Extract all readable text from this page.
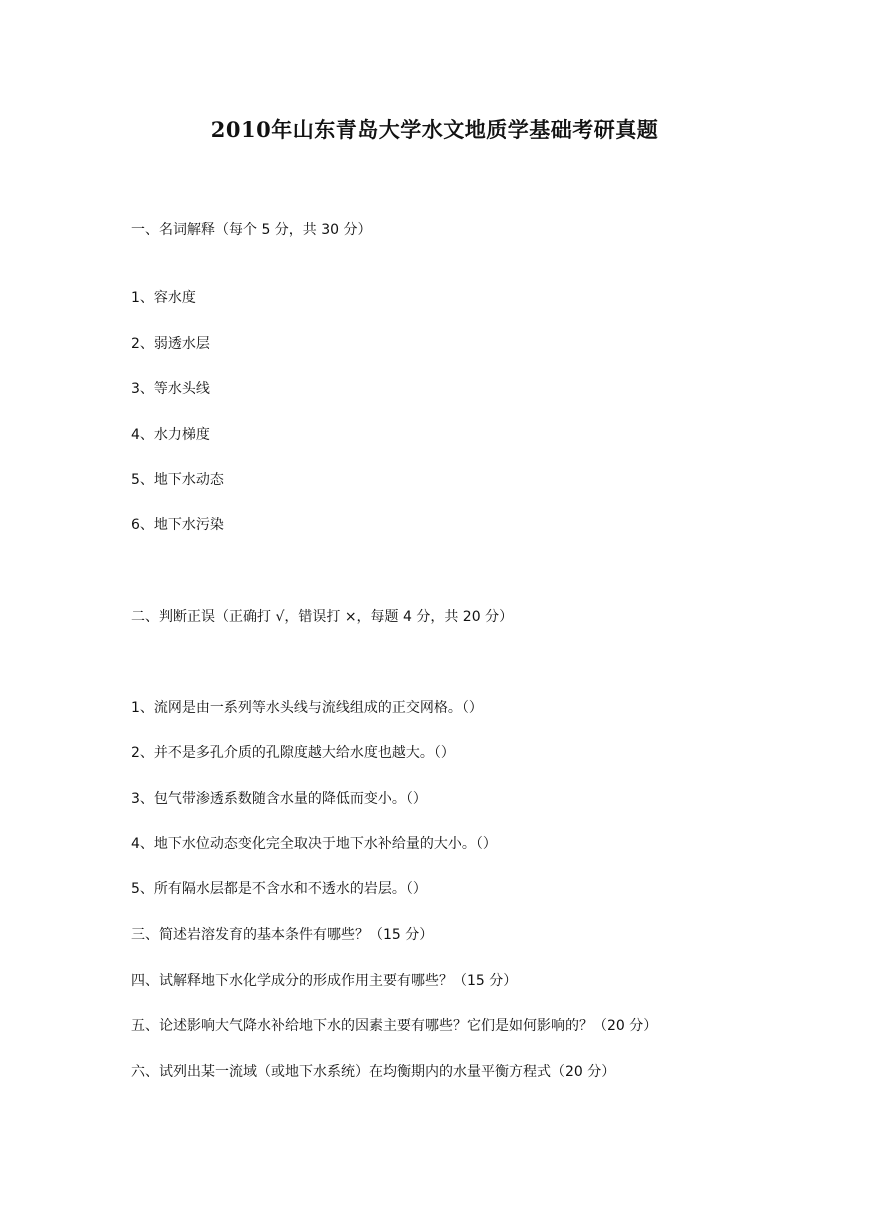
2010年山东青岛大学水文地质学基础考研真题
一、名词解释（每个 5 分，共 30 分）
1、容水度
2、弱透水层
3、等水头线
4、水力梯度
5、地下水动态
6、地下水污染
二、判断正误（正确打 √，错误打 ×，每题 4 分，共 20 分）
1、流网是由一系列等水头线与流线组成的正交网格。（）
2、并不是多孔介质的孔隙度越大给水度也越大。（）
3、包气带渗透系数随含水量的降低而变小。（）
4、地下水位动态变化完全取决于地下水补给量的大小。（）
5、所有隔水层都是不含水和不透水的岩层。（）
三、简述岩溶发育的基本条件有哪些？（15 分）
四、试解释地下水化学成分的形成作用主要有哪些？（15 分）
五、论述影响大气降水补给地下水的因素主要有哪些？它们是如何影响的？（20 分）
六、试列出某一流域（或地下水系统）在均衡期内的水量平衡方程式（20 分）
